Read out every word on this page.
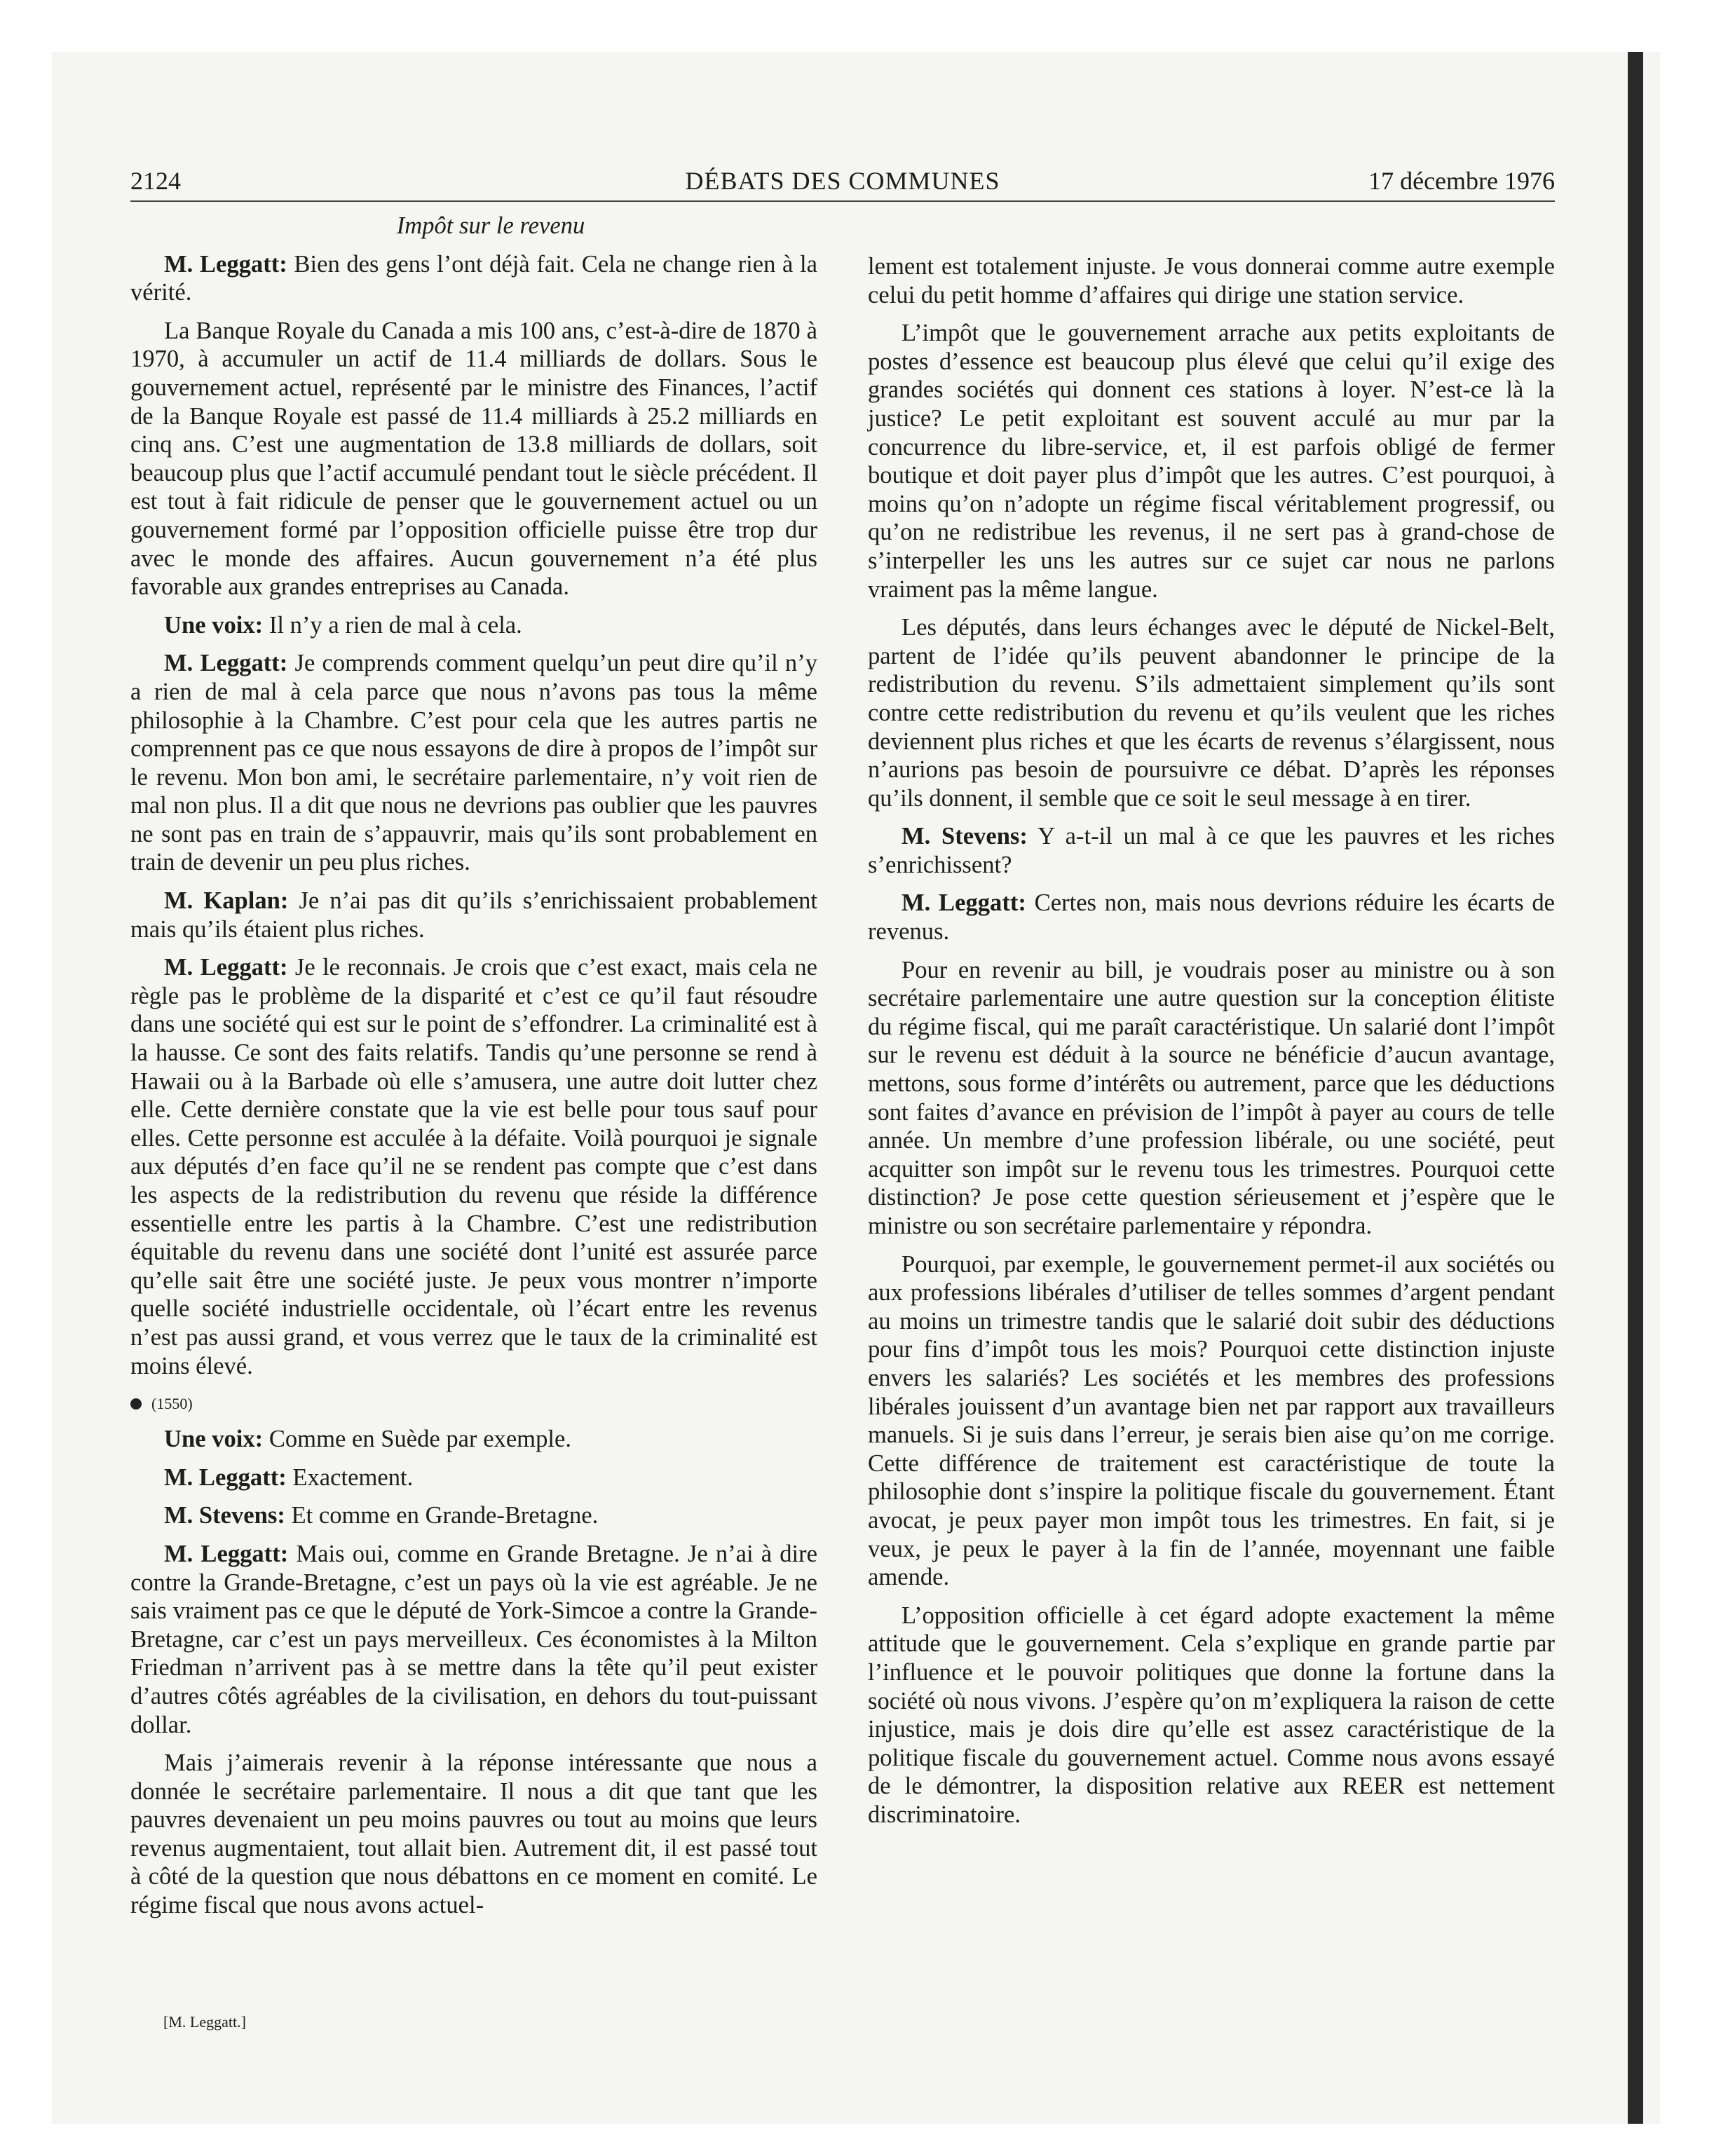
2124	DÉBATS DES COMMUNES	17 décembre 1976

Impôt sur le revenu

M. Leggatt: Bien des gens l’ont déjà fait. Cela ne change rien à la vérité.

La Banque Royale du Canada a mis 100 ans, c’est-à-dire de 1870 à 1970, à accumuler un actif de 11.4 milliards de dollars. Sous le gouvernement actuel, représenté par le ministre des Finances, l’actif de la Banque Royale est passé de 11.4 milliards à 25.2 milliards en cinq ans. C’est une augmentation de 13.8 milliards de dollars, soit beaucoup plus que l’actif accumulé pendant tout le siècle précédent. Il est tout à fait ridicule de penser que le gouvernement actuel ou un gouvernement formé par l’opposition officielle puisse être trop dur avec le monde des affaires. Aucun gouvernement n’a été plus favorable aux grandes entreprises au Canada.

Une voix: Il n’y a rien de mal à cela.

M. Leggatt: Je comprends comment quelqu’un peut dire qu’il n’y a rien de mal à cela parce que nous n’avons pas tous la même philosophie à la Chambre. C’est pour cela que les autres partis ne comprennent pas ce que nous essayons de dire à propos de l’impôt sur le revenu. Mon bon ami, le secrétaire parlementaire, n’y voit rien de mal non plus. Il a dit que nous ne devrions pas oublier que les pauvres ne sont pas en train de s’appauvrir, mais qu’ils sont probablement en train de devenir un peu plus riches.

M. Kaplan: Je n’ai pas dit qu’ils s’enrichissaient probablement mais qu’ils étaient plus riches.

M. Leggatt: Je le reconnais. Je crois que c’est exact, mais cela ne règle pas le problème de la disparité et c’est ce qu’il faut résoudre dans une société qui est sur le point de s’effondrer. La criminalité est à la hausse. Ce sont des faits relatifs. Tandis qu’une personne se rend à Hawaii ou à la Barbade où elle s’amusera, une autre doit lutter chez elle. Cette dernière constate que la vie est belle pour tous sauf pour elles. Cette personne est acculée à la défaite. Voilà pourquoi je signale aux députés d’en face qu’il ne se rendent pas compte que c’est dans les aspects de la redistribution du revenu que réside la différence essentielle entre les partis à la Chambre. C’est une redistribution équitable du revenu dans une société dont l’unité est assurée parce qu’elle sait être une société juste. Je peux vous montrer n’importe quelle société industrielle occidentale, où l’écart entre les revenus n’est pas aussi grand, et vous verrez que le taux de la criminalité est moins élevé.

(1550)

Une voix: Comme en Suède par exemple.

M. Leggatt: Exactement.

M. Stevens: Et comme en Grande-Bretagne.

M. Leggatt: Mais oui, comme en Grande Bretagne. Je n’ai à dire contre la Grande-Bretagne, c’est un pays où la vie est agréable. Je ne sais vraiment pas ce que le député de York-Simcoe a contre la Grande-Bretagne, car c’est un pays merveilleux. Ces économistes à la Milton Friedman n’arrivent pas à se mettre dans la tête qu’il peut exister d’autres côtés agréables de la civilisation, en dehors du tout-puissant dollar.

Mais j’aimerais revenir à la réponse intéressante que nous a donnée le secrétaire parlementaire. Il nous a dit que tant que les pauvres devenaient un peu moins pauvres ou tout au moins que leurs revenus augmentaient, tout allait bien. Autrement dit, il est passé tout à côté de la question que nous débattons en ce moment en comité. Le régime fiscal que nous avons actuel-

[M. Leggatt.]

lement est totalement injuste. Je vous donnerai comme autre exemple celui du petit homme d’affaires qui dirige une station service.

L’impôt que le gouvernement arrache aux petits exploitants de postes d’essence est beaucoup plus élevé que celui qu’il exige des grandes sociétés qui donnent ces stations à loyer. N’est-ce là la justice? Le petit exploitant est souvent acculé au mur par la concurrence du libre-service, et, il est parfois obligé de fermer boutique et doit payer plus d’impôt que les autres. C’est pourquoi, à moins qu’on n’adopte un régime fiscal véritablement progressif, ou qu’on ne redistribue les revenus, il ne sert pas à grand-chose de s’interpeller les uns les autres sur ce sujet car nous ne parlons vraiment pas la même langue.

Les députés, dans leurs échanges avec le député de Nickel-Belt, partent de l’idée qu’ils peuvent abandonner le principe de la redistribution du revenu. S’ils admettaient simplement qu’ils sont contre cette redistribution du revenu et qu’ils veulent que les riches deviennent plus riches et que les écarts de revenus s’élargissent, nous n’aurions pas besoin de poursuivre ce débat. D’après les réponses qu’ils donnent, il semble que ce soit le seul message à en tirer.

M. Stevens: Y a-t-il un mal à ce que les pauvres et les riches s’enrichissent?

M. Leggatt: Certes non, mais nous devrions réduire les écarts de revenus.

Pour en revenir au bill, je voudrais poser au ministre ou à son secrétaire parlementaire une autre question sur la conception élitiste du régime fiscal, qui me paraît caractéristique. Un salarié dont l’impôt sur le revenu est déduit à la source ne bénéficie d’aucun avantage, mettons, sous forme d’intérêts ou autrement, parce que les déductions sont faites d’avance en prévision de l’impôt à payer au cours de telle année. Un membre d’une profession libérale, ou une société, peut acquitter son impôt sur le revenu tous les trimestres. Pourquoi cette distinction? Je pose cette question sérieusement et j’espère que le ministre ou son secrétaire parlementaire y répondra.

Pourquoi, par exemple, le gouvernement permet-il aux sociétés ou aux professions libérales d’utiliser de telles sommes d’argent pendant au moins un trimestre tandis que le salarié doit subir des déductions pour fins d’impôt tous les mois? Pourquoi cette distinction injuste envers les salariés? Les sociétés et les membres des professions libérales jouissent d’un avantage bien net par rapport aux travailleurs manuels. Si je suis dans l’erreur, je serais bien aise qu’on me corrige. Cette différence de traitement est caractéristique de toute la philosophie dont s’inspire la politique fiscale du gouvernement. Étant avocat, je peux payer mon impôt tous les trimestres. En fait, si je veux, je peux le payer à la fin de l’année, moyennant une faible amende.

L’opposition officielle à cet égard adopte exactement la même attitude que le gouvernement. Cela s’explique en grande partie par l’influence et le pouvoir politiques que donne la fortune dans la société où nous vivons. J’espère qu’on m’expliquera la raison de cette injustice, mais je dois dire qu’elle est assez caractéristique de la politique fiscale du gouvernement actuel. Comme nous avons essayé de le démontrer, la disposition relative aux REER est nettement discriminatoire.
